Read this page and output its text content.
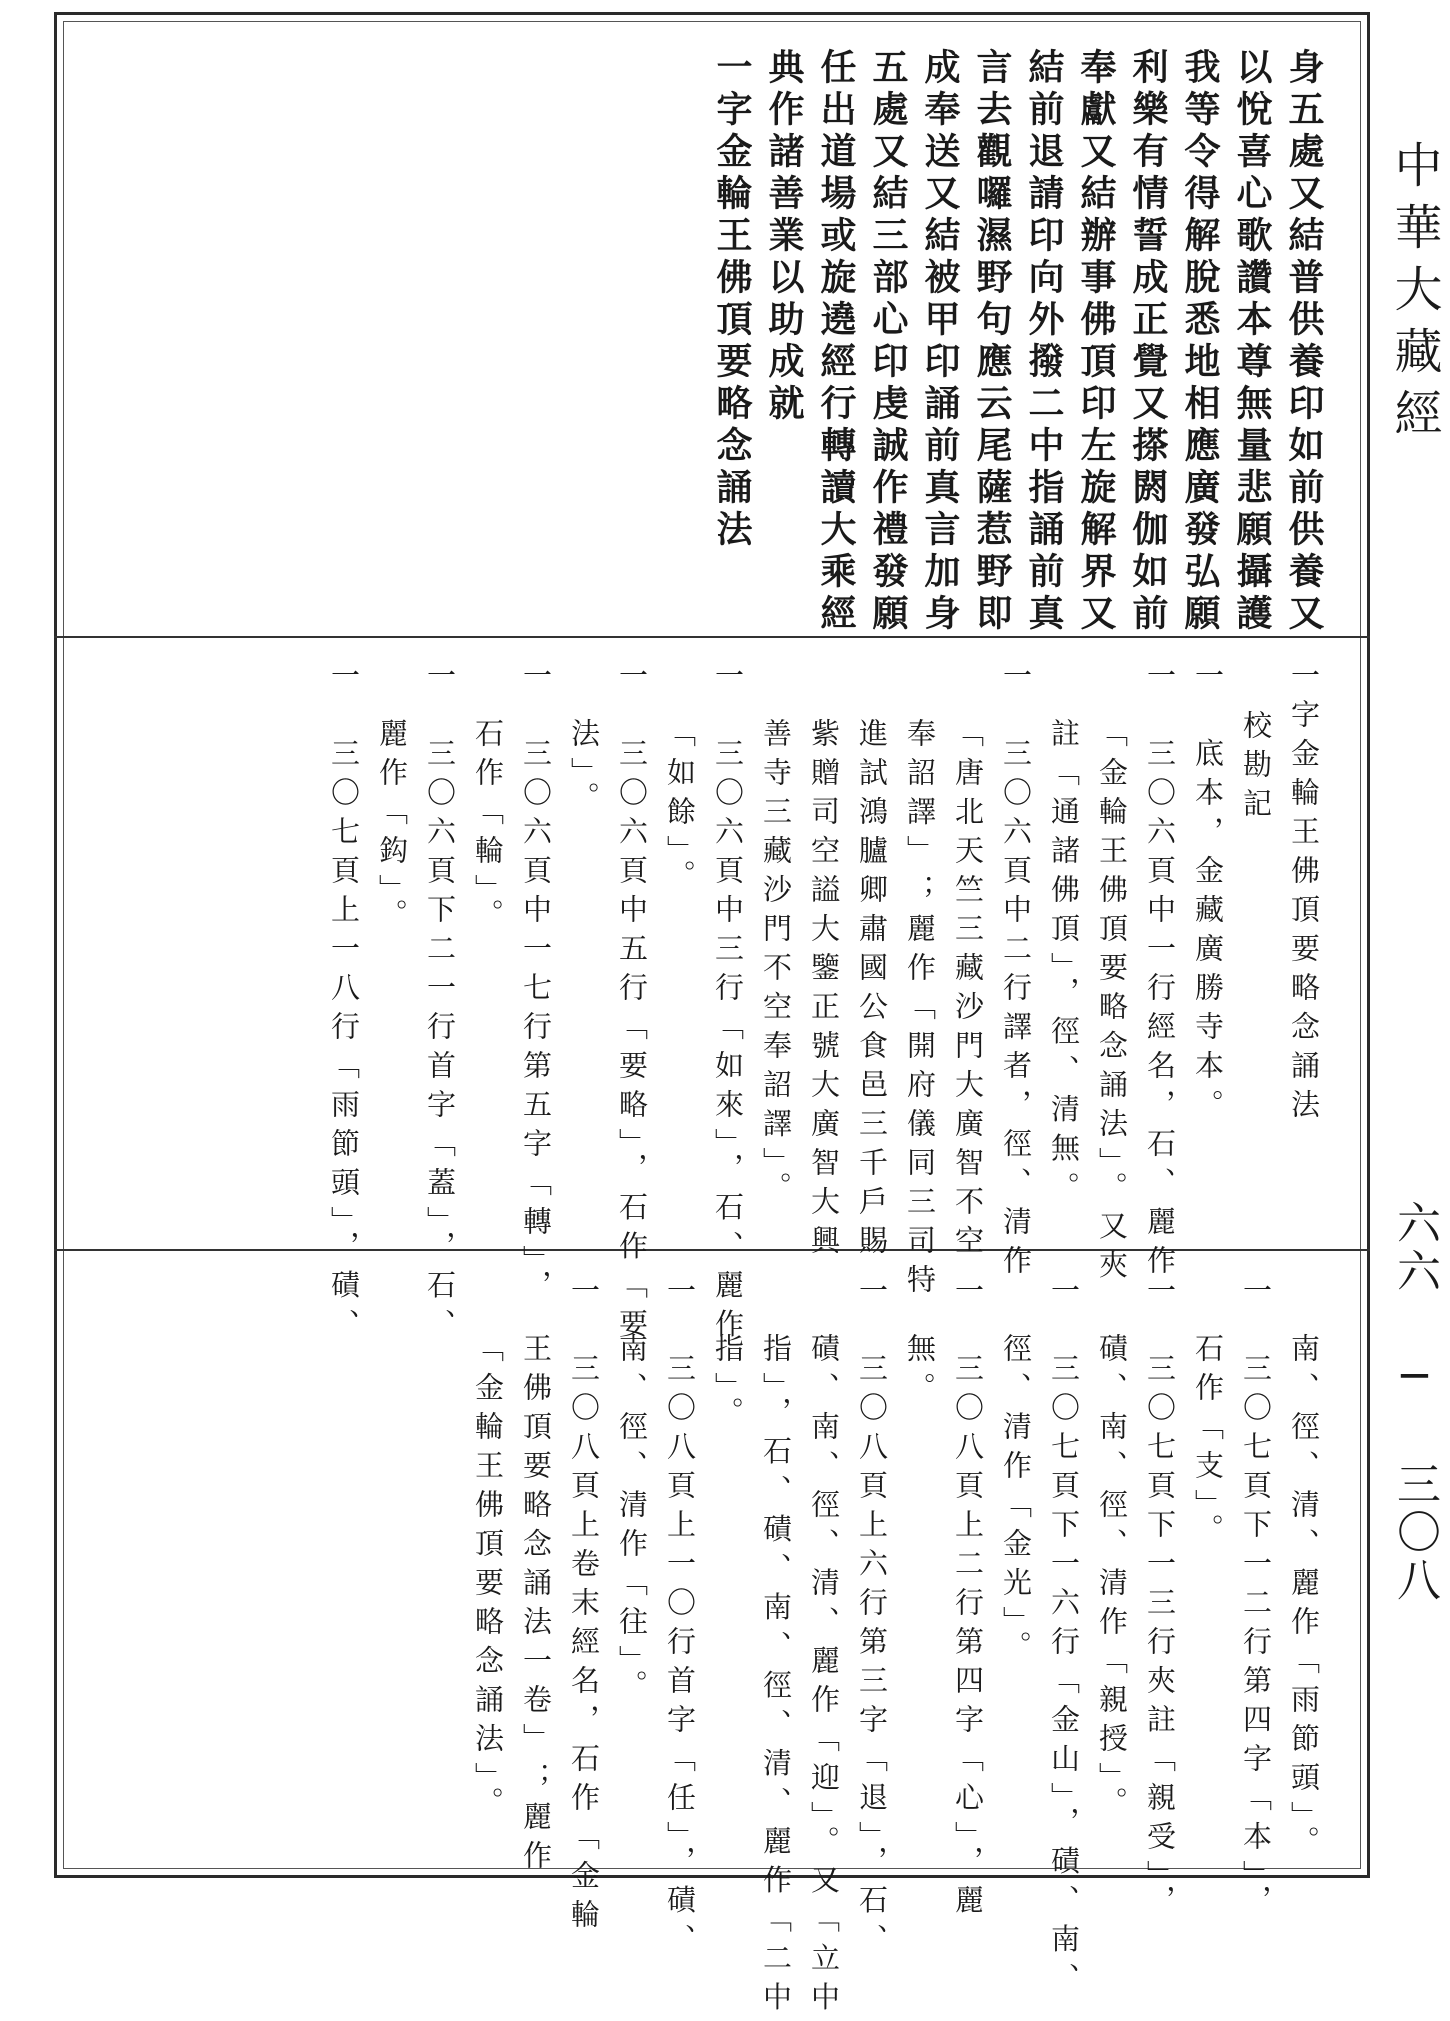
中華大藏經
六六 ─ 三〇八
身五處又結普供養印如前供養又
以悅喜心歌讚本尊無量悲願攝護
我等令得解脫悉地相應廣發弘願
利樂有情誓成正覺又搽閼伽如前
奉獻又結辦事佛頂印左旋解界又
結前退請印向外撥二中指誦前真
言去觀囉濕野句應云尾薩惹野即
成奉送又結被甲印誦前真言加身
五處又結三部心印虔誠作禮發願
任出道場或旋遶經行轉讀大乘經
典作諸善業以助成就
一字金輪王佛頂要略念誦法
一字金輪王佛頂要略念誦法
校勘記
一　底本，金藏廣勝寺本。
一　三〇六頁中一行經名，石、麗作
「金輪王佛頂要略念誦法」。又夾
註「通諸佛頂」，徑、清無。
一　三〇六頁中二行譯者，徑、清作
「唐北天竺三藏沙門大廣智不空
奉詔譯」；麗作「開府儀同三司特
進試鴻臚卿肅國公食邑三千戶賜
紫贈司空謚大鑒正號大廣智大興
善寺三藏沙門不空奉詔譯」。
一　三〇六頁中三行「如來」，石、麗作
「如餘」。
一　三〇六頁中五行「要略」，石作「要
法」。
一　三〇六頁中一七行第五字「轉」，
石作「輪」。
一　三〇六頁下二一行首字「蓋」，石、
麗作「鈎」。
一　三〇七頁上一八行「雨節頭」，磧、
南、徑、清、麗作「雨節頭」。
一　三〇七頁下一二行第四字「本」，
石作「支」。
一　三〇七頁下一三行夾註「親受」，
磧、南、徑、清作「親授」。
一　三〇七頁下一六行「金山」，磧、南、
徑、清作「金光」。
一　三〇八頁上二行第四字「心」，麗
無。
一　三〇八頁上六行第三字「退」，石、
磧、南、徑、清、麗作「迎」。又「立中
指」，石、磧、南、徑、清、麗作「二中
指」。
一　三〇八頁上一〇行首字「任」，磧、
南、徑、清作「往」。
一　三〇八頁上卷末經名，石作「金輪
王佛頂要略念誦法一卷」；麗作
「金輪王佛頂要略念誦法」。
